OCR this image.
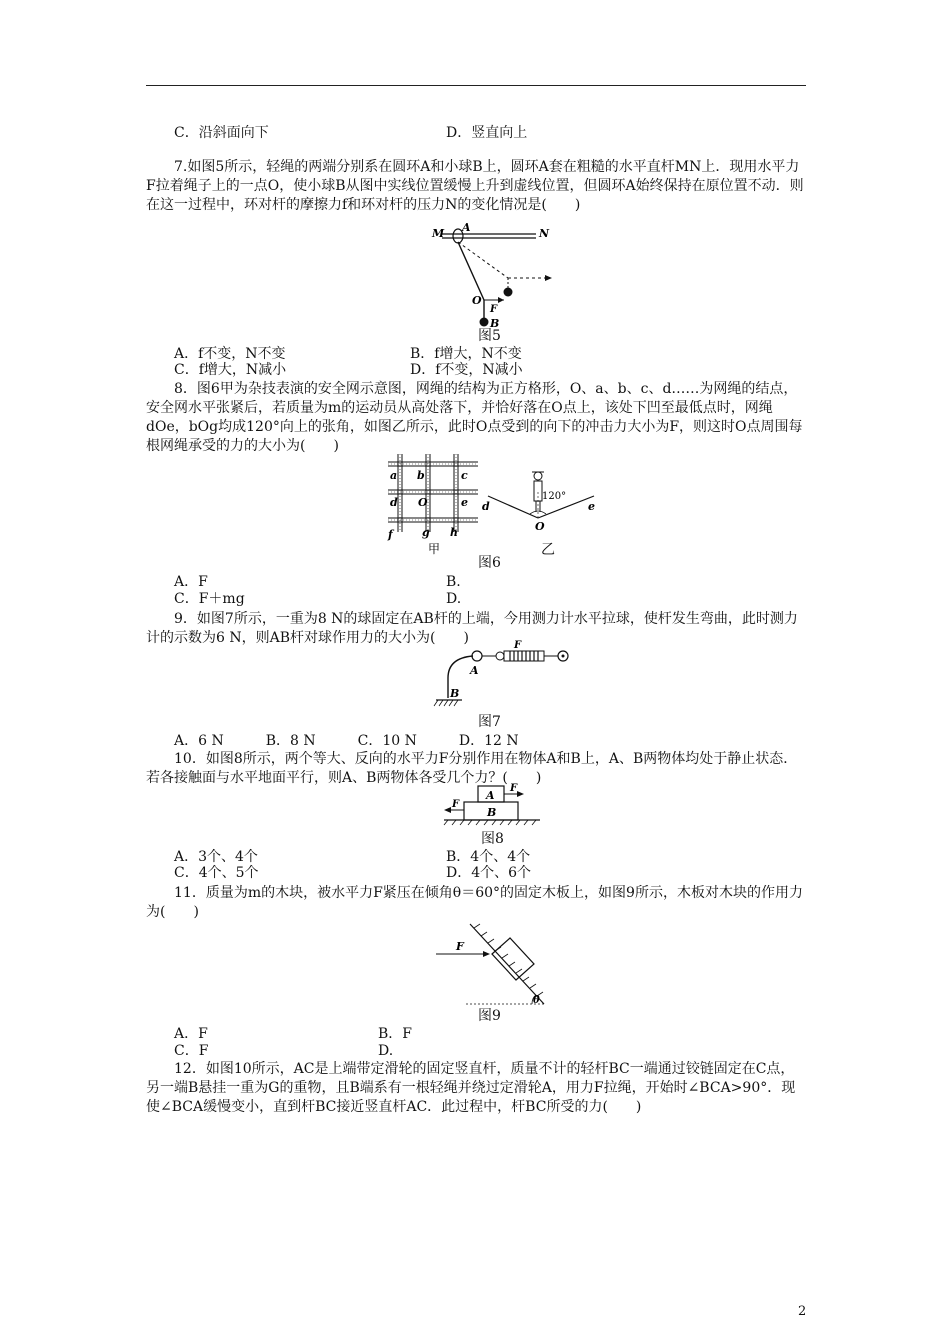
C．沿斜面向下	D．竖直向上
7.如图5所示，轻绳的两端分别系在圆环A和小球B上，圆环A套在粗糙的水平直杆MN上．现用水平力F拉着绳子上的一点O，使小球B从图中实线位置缓慢上升到虚线位置，但圆环A始终保持在原位置不动．则在这一过程中，环对杆的摩擦力f和环对杆的压力N的变化情况是(　　)
M A	N
O
F
B
图5
A．f不变，N不变	B．f增大，N不变
C．f增大，N减小	D．f不变，N减小
8．图6甲为杂技表演的安全网示意图，网绳的结构为正方格形，O、a、b、c、d……为网绳的结点，安全网水平张紧后，若质量为m的运动员从高处落下，并恰好落在O点上，该处下凹至最低点时，网绳dOe，bOg均成120°向上的张角，如图乙所示，此时O点受到的向下的冲击力大小为F，则这时O点周围每根网绳承受的力的大小为(　　)
a b	c
d O	e
f	g h
甲
120°
d	e
O
图6
乙
A．F	B.
C．F＋mg	D.
9．如图7所示，一重为8 N的球固定在AB杆的上端，今用测力计水平拉球，使杆发生弯曲，此时测力计的示数为6 N，则AB杆对球作用力的大小为(　　)	F
A
B
图7
A．6 N　　　B．8 N　　　C．10 N　　　D．12 N
10．如图8所示，两个等大、反向的水平力F分别作用在物体A和B上，A、B两物体均处于静止状态．若各接触面与水平地面平行，则A、B两物体各受几个力？(　　)
A
B
F
F
图8
A．3个、4个	B．4个、4个
C．4个、5个	D．4个、6个
11．质量为m的木块，被水平力F紧压在倾角θ＝60°的固定木板上，如图9所示，木板对木块的作用力为(　　)
F
θ
图9
A．F	B．F
C．F	D.
12．如图10所示，AC是上端带定滑轮的固定竖直杆，质量不计的轻杆BC一端通过铰链固定在C点，另一端B悬挂一重为G的重物，且B端系有一根轻绳并绕过定滑轮A，用力F拉绳，开始时∠BCA>90°．现使∠BCA缓慢变小，直到杆BC接近竖直杆AC．此过程中，杆BC所受的力(　　)
2
